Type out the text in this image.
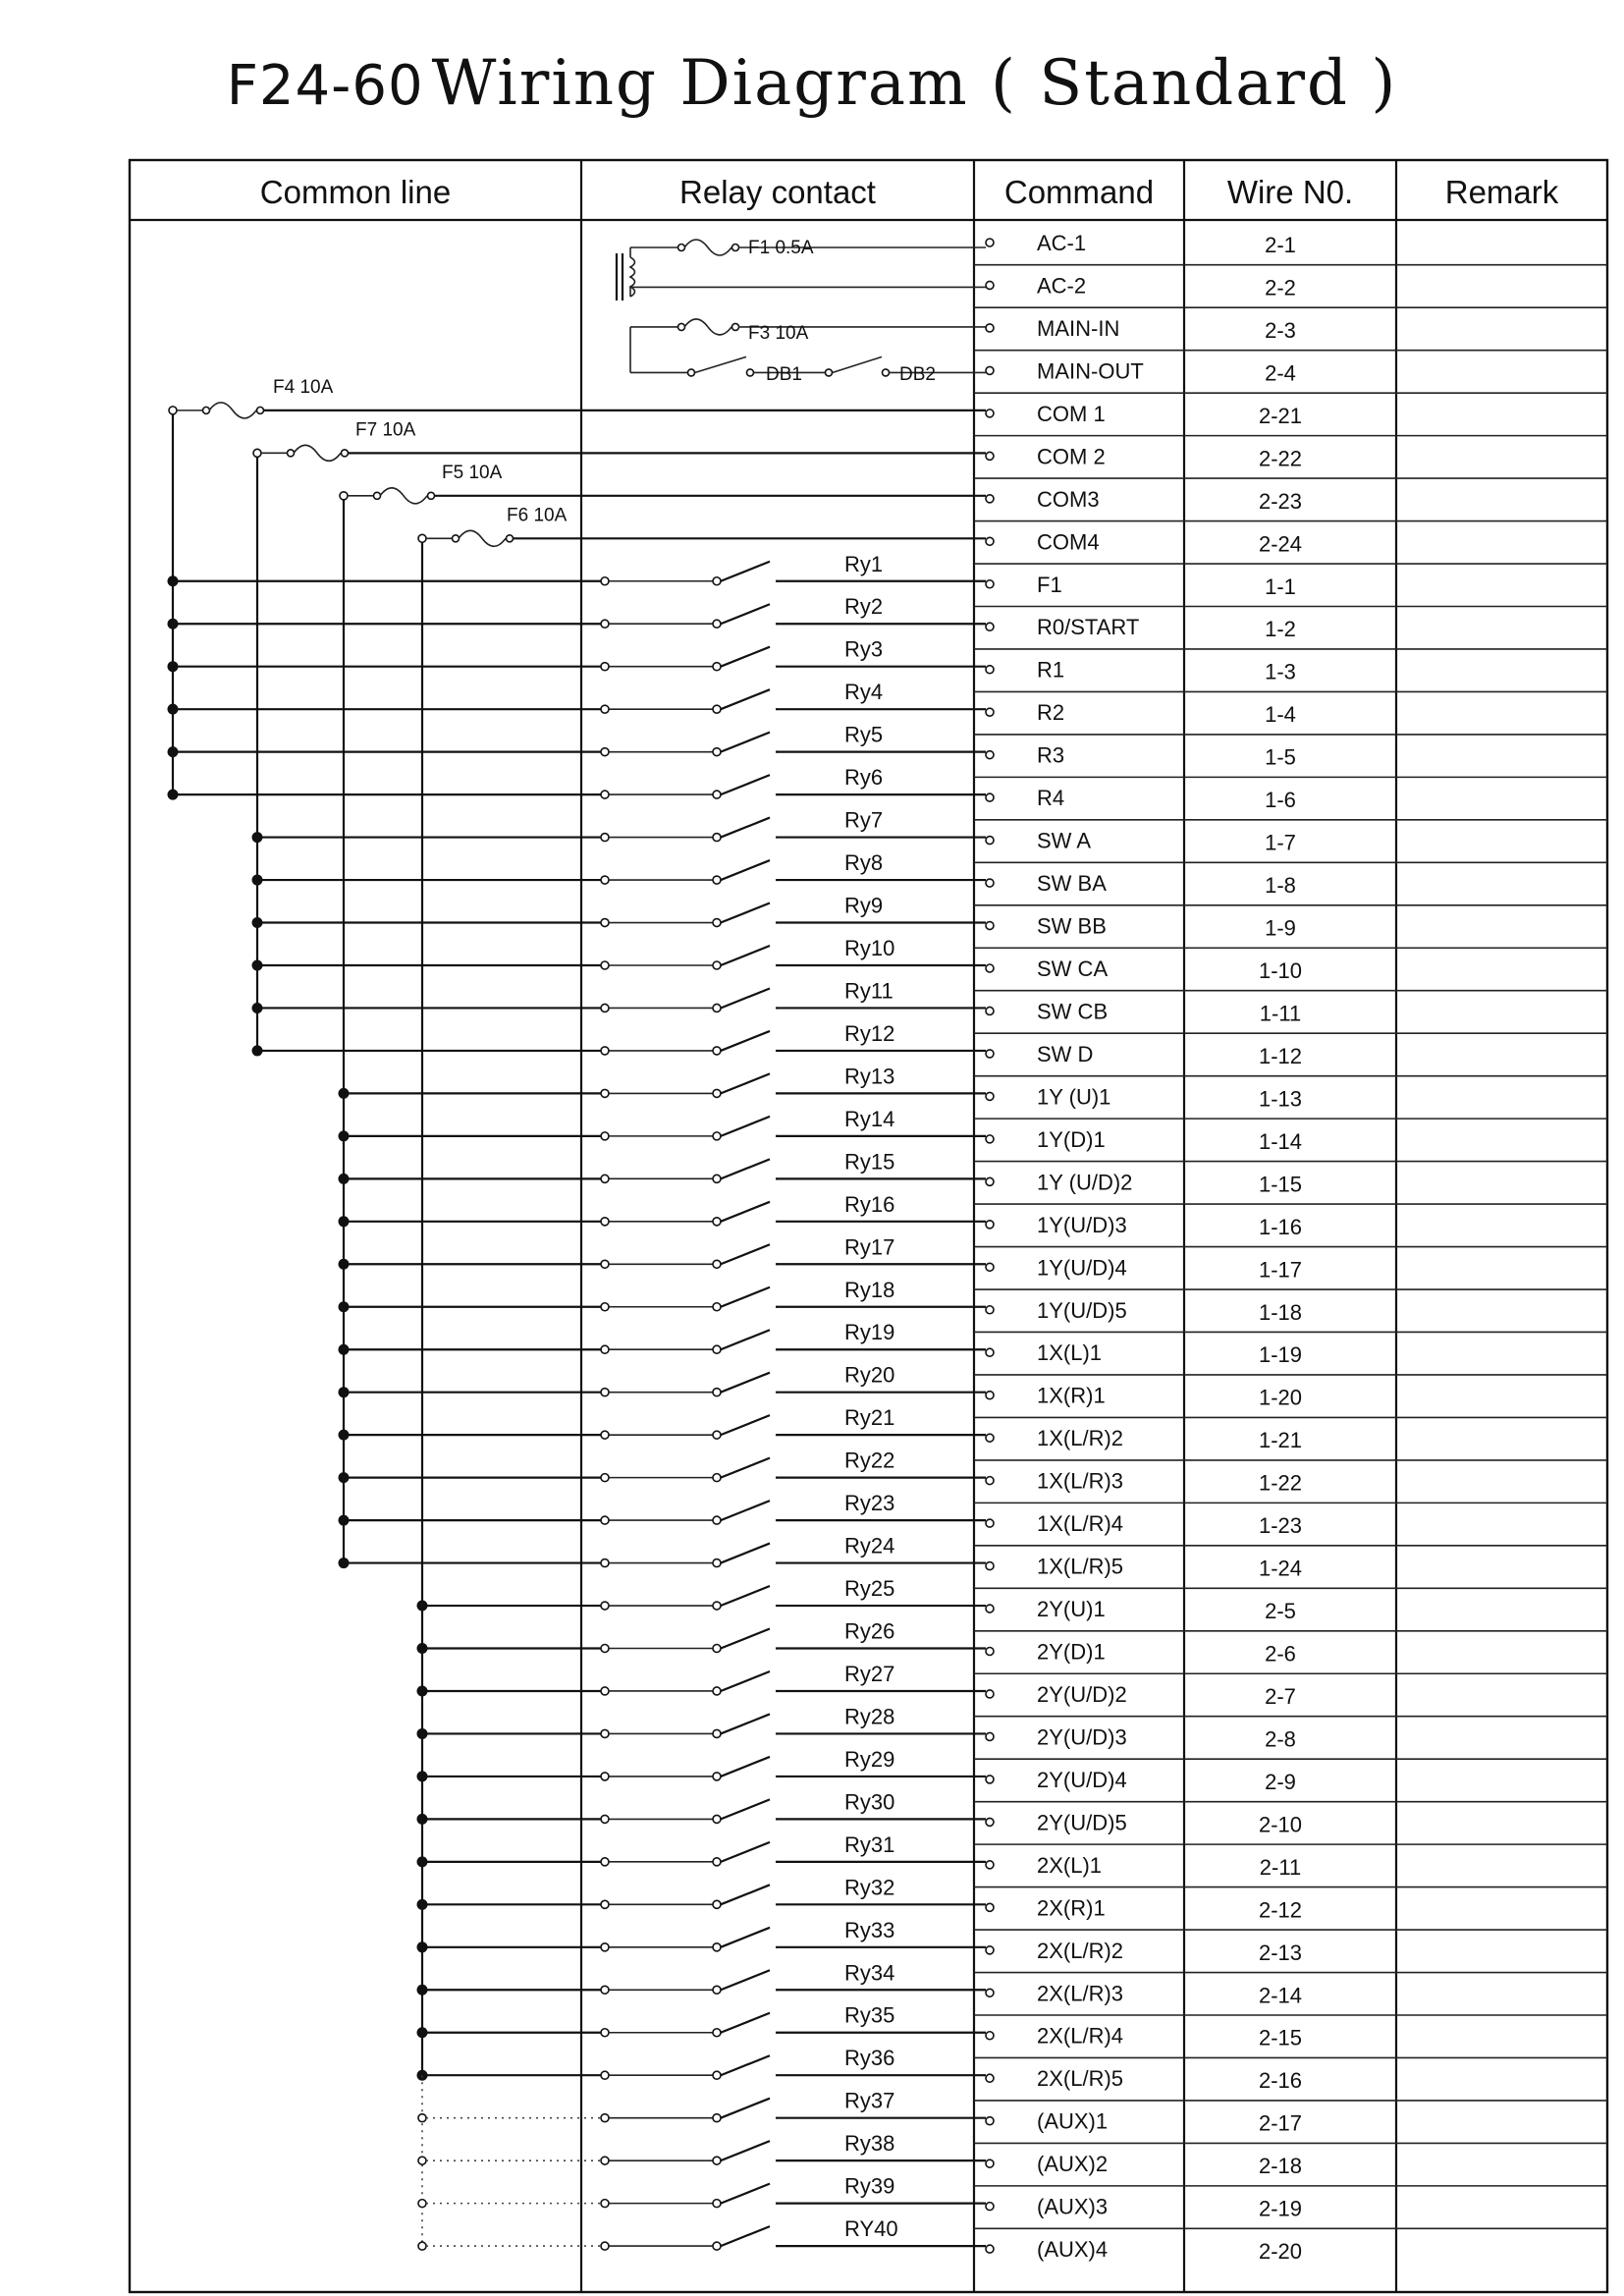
F24-60 Wiring Diagram ( Standard )
Common line	Relay contact	Command Wire N0.	Remark
AC-1	2-1
AC-2	2-2
MAIN-IN	2-3
MAIN-OUT	2-4
COM 1	2-21
COM 2	2-22
COM3	2-23
COM4	2-24
F1	1-1
R0/START	1-2
R1	1-3
R2	1-4
R3	1-5
R4	1-6
SW A	1-7
SW BA	1-8
SW BB	1-9
SW CA	1-10
SW CB	1-11
SW D	1-12
1Y (U)1	1-13
1Y(D)1	1-14
1Y (U/D)2	1-15
1Y(U/D)3	1-16
1Y(U/D)4	1-17
1Y(U/D)5	1-18
1X(L)1	1-19
1X(R)1	1-20
1X(L/R)2	1-21
1X(L/R)3	1-22
1X(L/R)4	1-23
1X(L/R)5	1-24
2Y(U)1	2-5
2Y(D)1	2-6
2Y(U/D)2	2-7
2Y(U/D)3	2-8
2Y(U/D)4	2-9
2Y(U/D)5	2-10
2X(L)1	2-11
2X(R)1	2-12
2X(L/R)2	2-13
2X(L/R)3	2-14
2X(L/R)4	2-15
2X(L/R)5	2-16
(AUX)1	2-17
(AUX)2	2-18
(AUX)3	2-19
(AUX)4	2-20
F1 0.5A
F3 10A
DB1	DB2
F4 10A
F7 10A
F5 10A
F6 10A
Ry1
Ry2
Ry3
Ry4
Ry5
Ry6
Ry7
Ry8
Ry9
Ry10
Ry11
Ry12
Ry13
Ry14
Ry15
Ry16
Ry17
Ry18
Ry19
Ry20
Ry21
Ry22
Ry23
Ry24
Ry25
Ry26
Ry27
Ry28
Ry29
Ry30
Ry31
Ry32
Ry33
Ry34
Ry35
Ry36
Ry37
Ry38
Ry39
RY40
